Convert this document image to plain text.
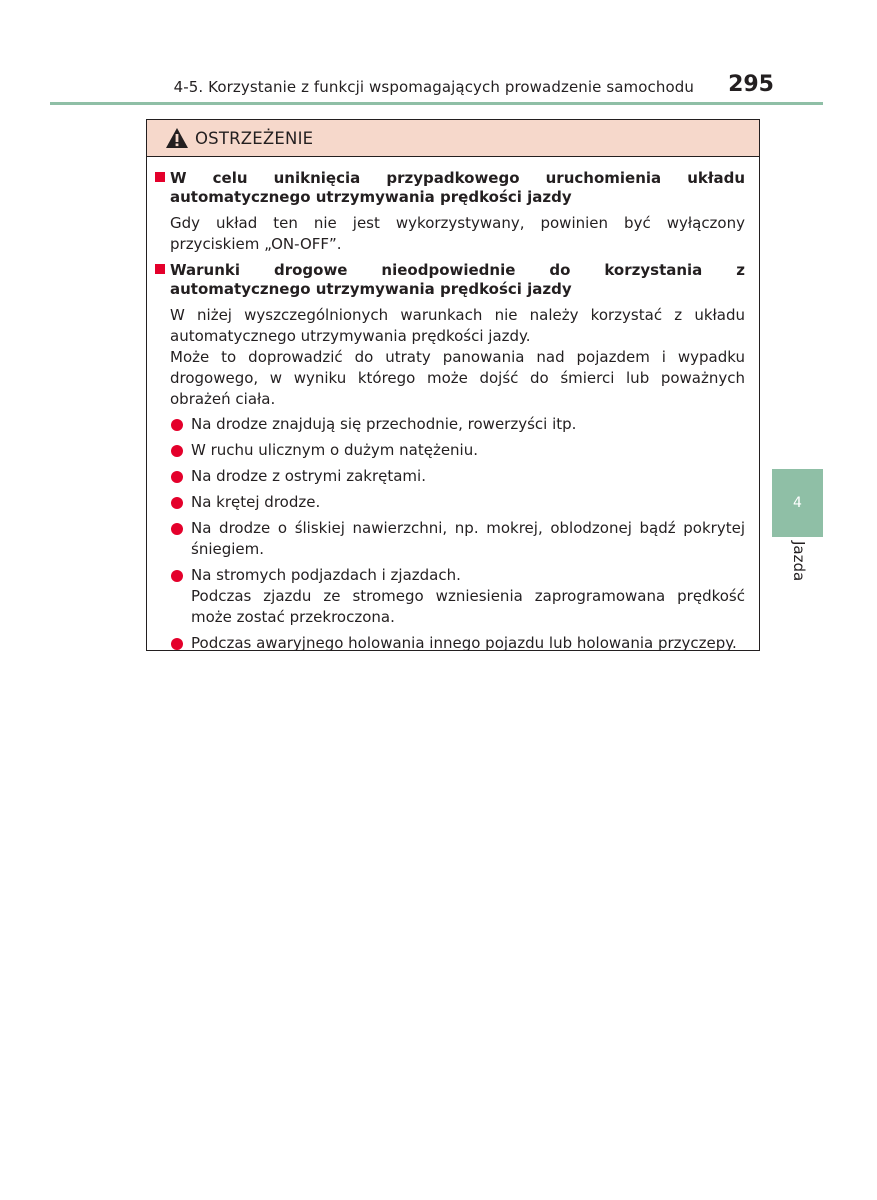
4-5. Korzystanie z funkcji wspomagających prowadzenie samochodu 295
OSTRZEŻENIE
W celu uniknięcia przypadkowego uruchomienia układu automatycznego utrzymywania prędkości jazdy
Gdy układ ten nie jest wykorzystywany, powinien być wyłączony przyciskiem „ON-OFF”.
Warunki drogowe nieodpowiednie do korzystania z automatycznego utrzymywania prędkości jazdy
W niżej wyszczególnionych warunkach nie należy korzystać z układu automatycznego utrzymywania prędkości jazdy.
Może to doprowadzić do utraty panowania nad pojazdem i wypadku drogowego, w wyniku którego może dojść do śmierci lub poważnych obrażeń ciała.
Na drodze znajdują się przechodnie, rowerzyści itp.
W ruchu ulicznym o dużym natężeniu.
Na drodze z ostrymi zakrętami.
Na krętej drodze.
Na drodze o śliskiej nawierzchni, np. mokrej, oblodzonej bądź pokrytej śniegiem.
Na stromych podjazdach i zjazdach.
Podczas zjazdu ze stromego wzniesienia zaprogramowana prędkość może zostać przekroczona.
Podczas awaryjnego holowania innego pojazdu lub holowania przyczepy.
4
Jazda
